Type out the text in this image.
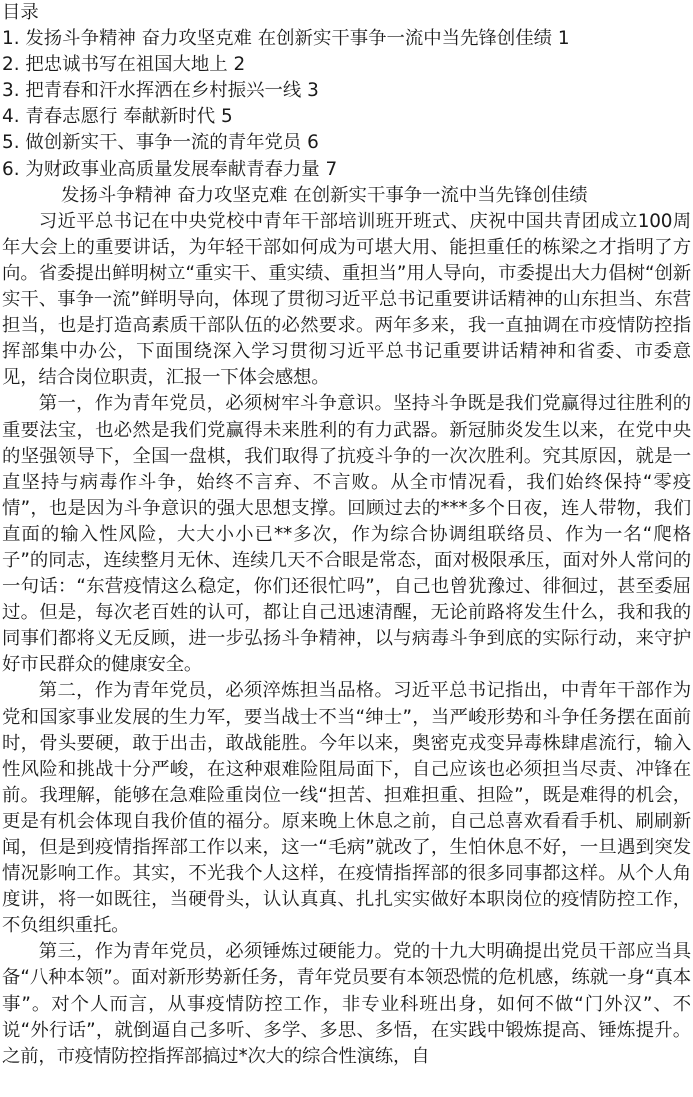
目录
1. 发扬斗争精神 奋力攻坚克难 在创新实干事争一流中当先锋创佳绩 1
2. 把忠诚书写在祖国大地上 2
3. 把青春和汗水挥洒在乡村振兴一线 3
4. 青春志愿行 奉献新时代 5
5. 做创新实干、事争一流的青年党员 6
6. 为财政事业高质量发展奉献青春力量 7
发扬斗争精神 奋力攻坚克难 在创新实干事争一流中当先锋创佳绩

习近平总书记在中央党校中青年干部培训班开班式、庆祝中国共青团成立100周年大会上的重要讲话，为年轻干部如何成为可堪大用、能担重任的栋梁之才指明了方向。省委提出鲜明树立“重实干、重实绩、重担当”用人导向，市委提出大力倡树“创新实干、事争一流”鲜明导向，体现了贯彻习近平总书记重要讲话精神的山东担当、东营担当，也是打造高素质干部队伍的必然要求。两年多来，我一直抽调在市疫情防控指挥部集中办公，下面围绕深入学习贯彻习近平总书记重要讲话精神和省委、市委意见，结合岗位职责，汇报一下体会感想。

第一，作为青年党员，必须树牢斗争意识。坚持斗争既是我们党赢得过往胜利的重要法宝，也必然是我们党赢得未来胜利的有力武器。新冠肺炎发生以来，在党中央的坚强领导下，全国一盘棋，我们取得了抗疫斗争的一次次胜利。究其原因，就是一直坚持与病毒作斗争，始终不言弃、不言败。从全市情况看，我们始终保持“零疫情”，也是因为斗争意识的强大思想支撑。回顾过去的***多个日夜，连人带物，我们直面的输入性风险，大大小小已**多次，作为综合协调组联络员、作为一名“爬格子”的同志，连续整月无休、连续几天不合眼是常态，面对极限承压，面对外人常问的一句话：“东营疫情这么稳定，你们还很忙吗”，自己也曾犹豫过、徘徊过，甚至委屈过。但是，每次老百姓的认可，都让自己迅速清醒，无论前路将发生什么，我和我的同事们都将义无反顾，进一步弘扬斗争精神，以与病毒斗争到底的实际行动，来守护好市民群众的健康安全。

第二，作为青年党员，必须淬炼担当品格。习近平总书记指出，中青年干部作为党和国家事业发展的生力军，要当战士不当“绅士”，当严峻形势和斗争任务摆在面前时，骨头要硬，敢于出击，敢战能胜。今年以来，奥密克戎变异毒株肆虐流行，输入性风险和挑战十分严峻，在这种艰难险阻局面下，自己应该也必须担当尽责、冲锋在前。我理解，能够在急难险重岗位一线“担苦、担难担重、担险”，既是难得的机会，更是有机会体现自我价值的福分。原来晚上休息之前，自己总喜欢看看手机、刷刷新闻，但是到疫情指挥部工作以来，这一“毛病”就改了，生怕休息不好，一旦遇到突发情况影响工作。其实，不光我个人这样，在疫情指挥部的很多同事都这样。从个人角度讲，将一如既往，当硬骨头，认认真真、扎扎实实做好本职岗位的疫情防控工作，不负组织重托。

第三，作为青年党员，必须锤炼过硬能力。党的十九大明确提出党员干部应当具备“八种本领”。面对新形势新任务，青年党员要有本领恐慌的危机感，练就一身“真本事”。对个人而言，从事疫情防控工作，非专业科班出身，如何不做“门外汉”、不说“外行话”，就倒逼自己多听、多学、多思、多悟，在实践中锻炼提高、锤炼提升。之前，市疫情防控指挥部搞过*次大的综合性演练，自
